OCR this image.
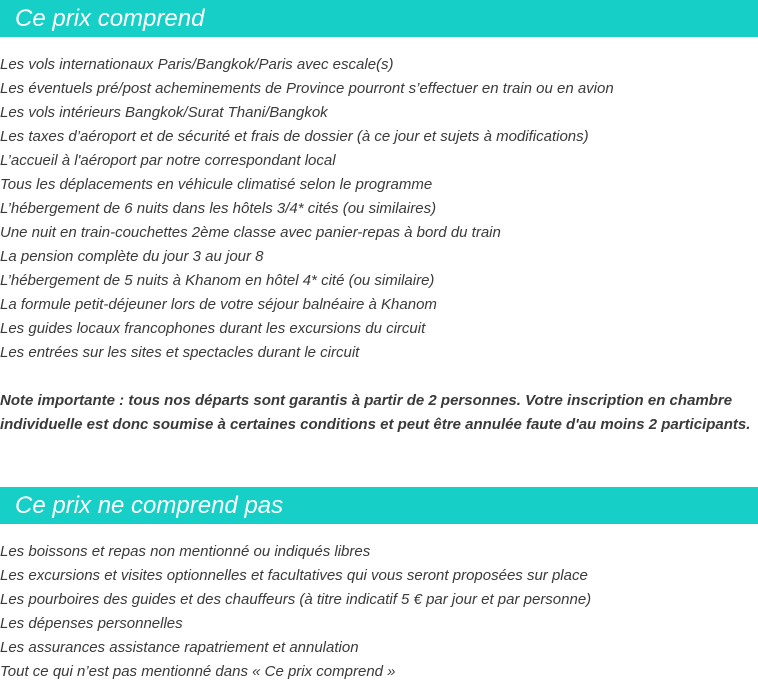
Ce prix comprend
Les vols internationaux Paris/Bangkok/Paris avec escale(s)
Les éventuels pré/post acheminements de Province pourront s’effectuer en train ou en avion
Les vols intérieurs Bangkok/Surat Thani/Bangkok
Les taxes d’aéroport et de sécurité et frais de dossier (à ce jour et sujets à modifications)
L’accueil à l'aéroport par notre correspondant local
Tous les déplacements en véhicule climatisé selon le programme
L’hébergement de 6 nuits dans les hôtels 3/4* cités (ou similaires)
Une nuit en train-couchettes 2ème classe avec panier-repas à bord du train
La pension complète du jour 3 au jour 8
L’hébergement de 5 nuits à Khanom en hôtel 4* cité (ou similaire)
La formule petit-déjeuner lors de votre séjour balnéaire à Khanom
Les guides locaux francophones durant les excursions du circuit
Les entrées sur les sites et spectacles durant le circuit

Note importante : tous nos départs sont garantis à partir de 2 personnes. Votre inscription en chambre
individuelle est donc soumise à certaines conditions et peut être annulée faute d'au moins 2 participants.

Ce prix ne comprend pas
Les boissons et repas non mentionné ou indiqués libres
Les excursions et visites optionnelles et facultatives qui vous seront proposées sur place
Les pourboires des guides et des chauffeurs (à titre indicatif 5 € par jour et par personne)
Les dépenses personnelles
Les assurances assistance rapatriement et annulation
Tout ce qui n’est pas mentionné dans « Ce prix comprend »
